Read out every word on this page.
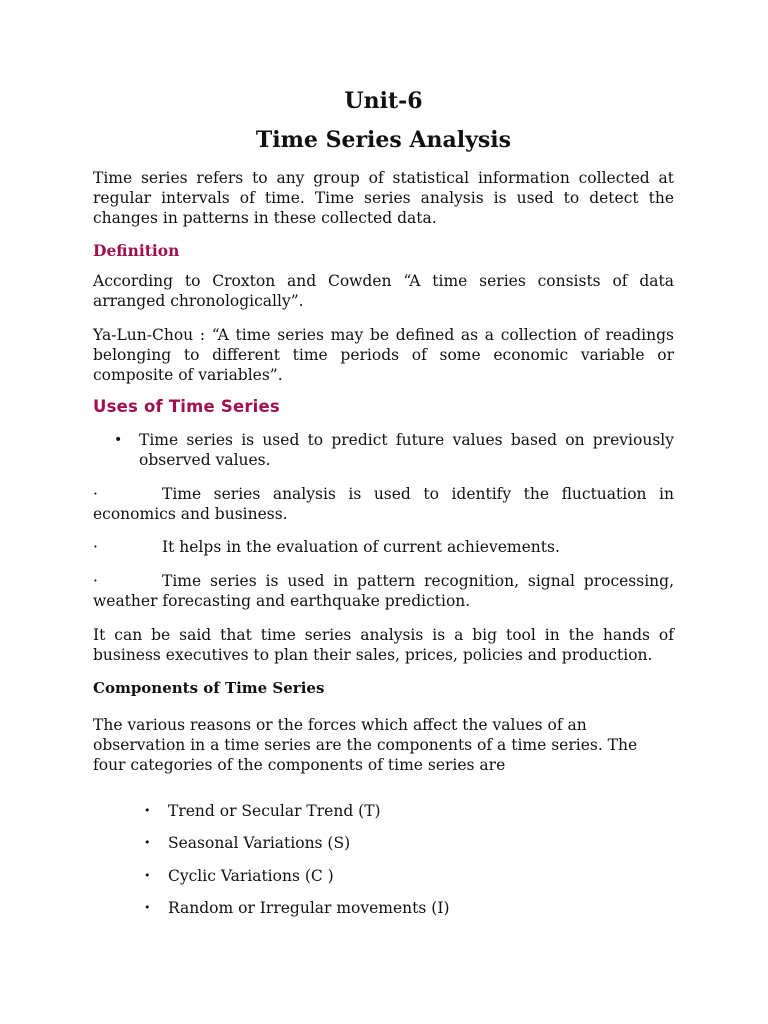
Unit-6
Time Series Analysis

Time series refers to any group of statistical information collected at regular intervals of time. Time series analysis is used to detect the changes in patterns in these collected data.

Definition

According to Croxton and Cowden “A time series consists of data arranged chronologically”.

Ya-Lun-Chou : “A time series may be defined as a collection of readings belonging to different time periods of some economic variable or composite of variables”.

Uses of Time Series
• Time series is used to predict future values based on previously observed values.
·	Time series analysis is used to identify the fluctuation in economics and business.
·	It helps in the evaluation of current achievements.
·	Time series is used in pattern recognition, signal processing, weather forecasting and earthquake prediction.

It can be said that time series analysis is a big tool in the hands of business executives to plan their sales, prices, policies and production.

Components of Time Series

The various reasons or the forces which affect the values of an observation in a time series are the components of a time series. The four categories of the components of time series are

• Trend or Secular Trend (T)
• Seasonal Variations (S)
• Cyclic Variations (C )
• Random or Irregular movements (I)
